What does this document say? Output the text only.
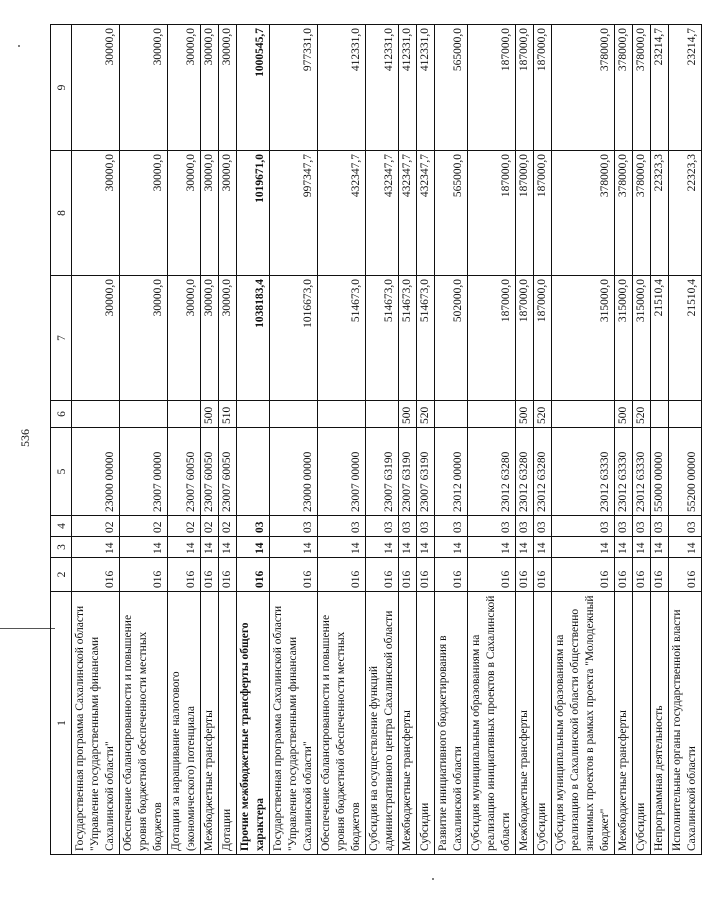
536
1	2	3	4	5	6	7	8	9
Государственная программа Сахалинской области "Управление государственными финансами Сахалинской области"	016	14	02	23000 00000		30000,0	30000,0	30000,0
Обеспечение сбалансированности и повышение уровня бюджетной обеспеченности местных бюджетов	016	14	02	23007 00000		30000,0	30000,0	30000,0
Дотации за наращивание налогового (экономического) потенциала	016	14	02	23007 60050		30000,0	30000,0	30000,0
Межбюджетные трансферты	016	14	02	23007 60050	500	30000,0	30000,0	30000,0
Дотации	016	14	02	23007 60050	510	30000,0	30000,0	30000,0
Прочие межбюджетные трансферты общего характера	016	14	03			1038183,4	1019671,0	1000545,7
Государственная программа Сахалинской области "Управление государственными финансами Сахалинской области"	016	14	03	23000 00000		1016673,0	997347,7	977331,0
Обеспечение сбалансированности и повышение уровня бюджетной обеспеченности местных бюджетов	016	14	03	23007 00000		514673,0	432347,7	412331,0
Субсидия на осуществление функций административного центра Сахалинской области	016	14	03	23007 63190		514673,0	432347,7	412331,0
Межбюджетные трансферты	016	14	03	23007 63190	500	514673,0	432347,7	412331,0
Субсидии	016	14	03	23007 63190	520	514673,0	432347,7	412331,0
Развитие инициативного бюджетирования в Сахалинской области	016	14	03	23012 00000		502000,0	565000,0	565000,0
Субсидия муниципальным образованиям на реализацию инициативных проектов в Сахалинской области	016	14	03	23012 63280		187000,0	187000,0	187000,0
Межбюджетные трансферты	016	14	03	23012 63280	500	187000,0	187000,0	187000,0
Субсидии	016	14	03	23012 63280	520	187000,0	187000,0	187000,0
Субсидия муниципальным образованиям на реализацию в Сахалинской области общественно значимых проектов в рамках проекта "Молодежный бюджет"	016	14	03	23012 63330		315000,0	378000,0	378000,0
Межбюджетные трансферты	016	14	03	23012 63330	500	315000,0	378000,0	378000,0
Субсидии	016	14	03	23012 63330	520	315000,0	378000,0	378000,0
Непрограммная деятельность	016	14	03	55000 00000		21510,4	22323,3	23214,7
Исполнительные органы государственной власти Сахалинской области	016	14	03	55200 00000		21510,4	22323,3	23214,7
